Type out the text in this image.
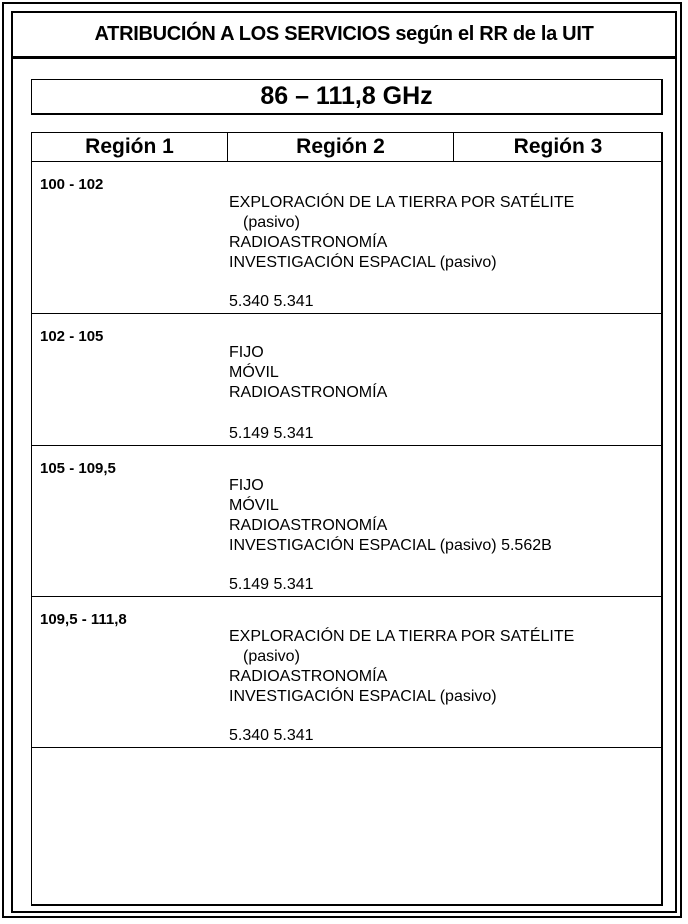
ATRIBUCIÓN A LOS SERVICIOS según el RR de la UIT
86 – 111,8 GHz
Región 1	Región 2	Región 3
100 - 102
EXPLORACIÓN DE LA TIERRA POR SATÉLITE
(pasivo)
RADIOASTRONOMÍA
INVESTIGACIÓN ESPACIAL (pasivo)
5.340 5.341
102 - 105
FIJO
MÓVIL
RADIOASTRONOMÍA
5.149 5.341
105 - 109,5
FIJO
MÓVIL
RADIOASTRONOMÍA
INVESTIGACIÓN ESPACIAL (pasivo) 5.562B
5.149 5.341
109,5 - 111,8
EXPLORACIÓN DE LA TIERRA POR SATÉLITE
(pasivo)
RADIOASTRONOMÍA
INVESTIGACIÓN ESPACIAL (pasivo)
5.340 5.341
